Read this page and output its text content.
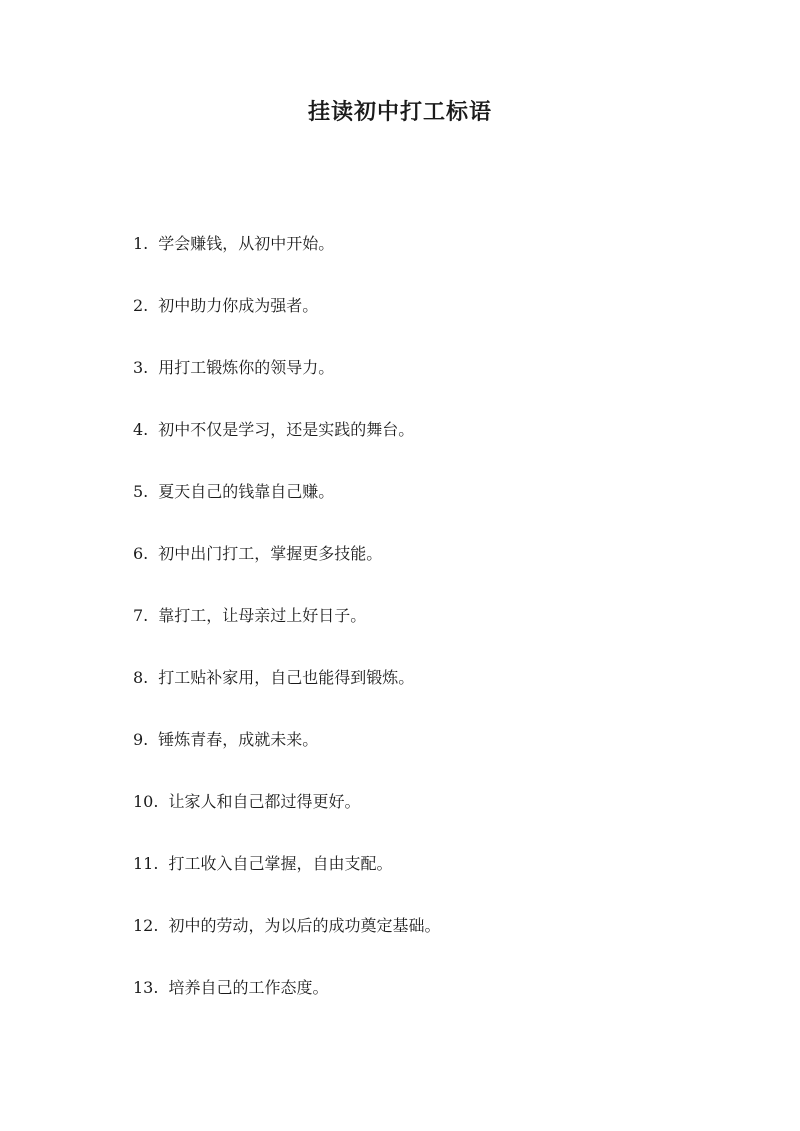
挂读初中打工标语
1. 学会赚钱，从初中开始。
2. 初中助力你成为强者。
3. 用打工锻炼你的领导力。
4. 初中不仅是学习，还是实践的舞台。
5. 夏天自己的钱靠自己赚。
6. 初中出门打工，掌握更多技能。
7. 靠打工，让母亲过上好日子。
8. 打工贴补家用，自己也能得到锻炼。
9. 锤炼青春，成就未来。
10. 让家人和自己都过得更好。
11. 打工收入自己掌握，自由支配。
12. 初中的劳动，为以后的成功奠定基础。
13. 培养自己的工作态度。
